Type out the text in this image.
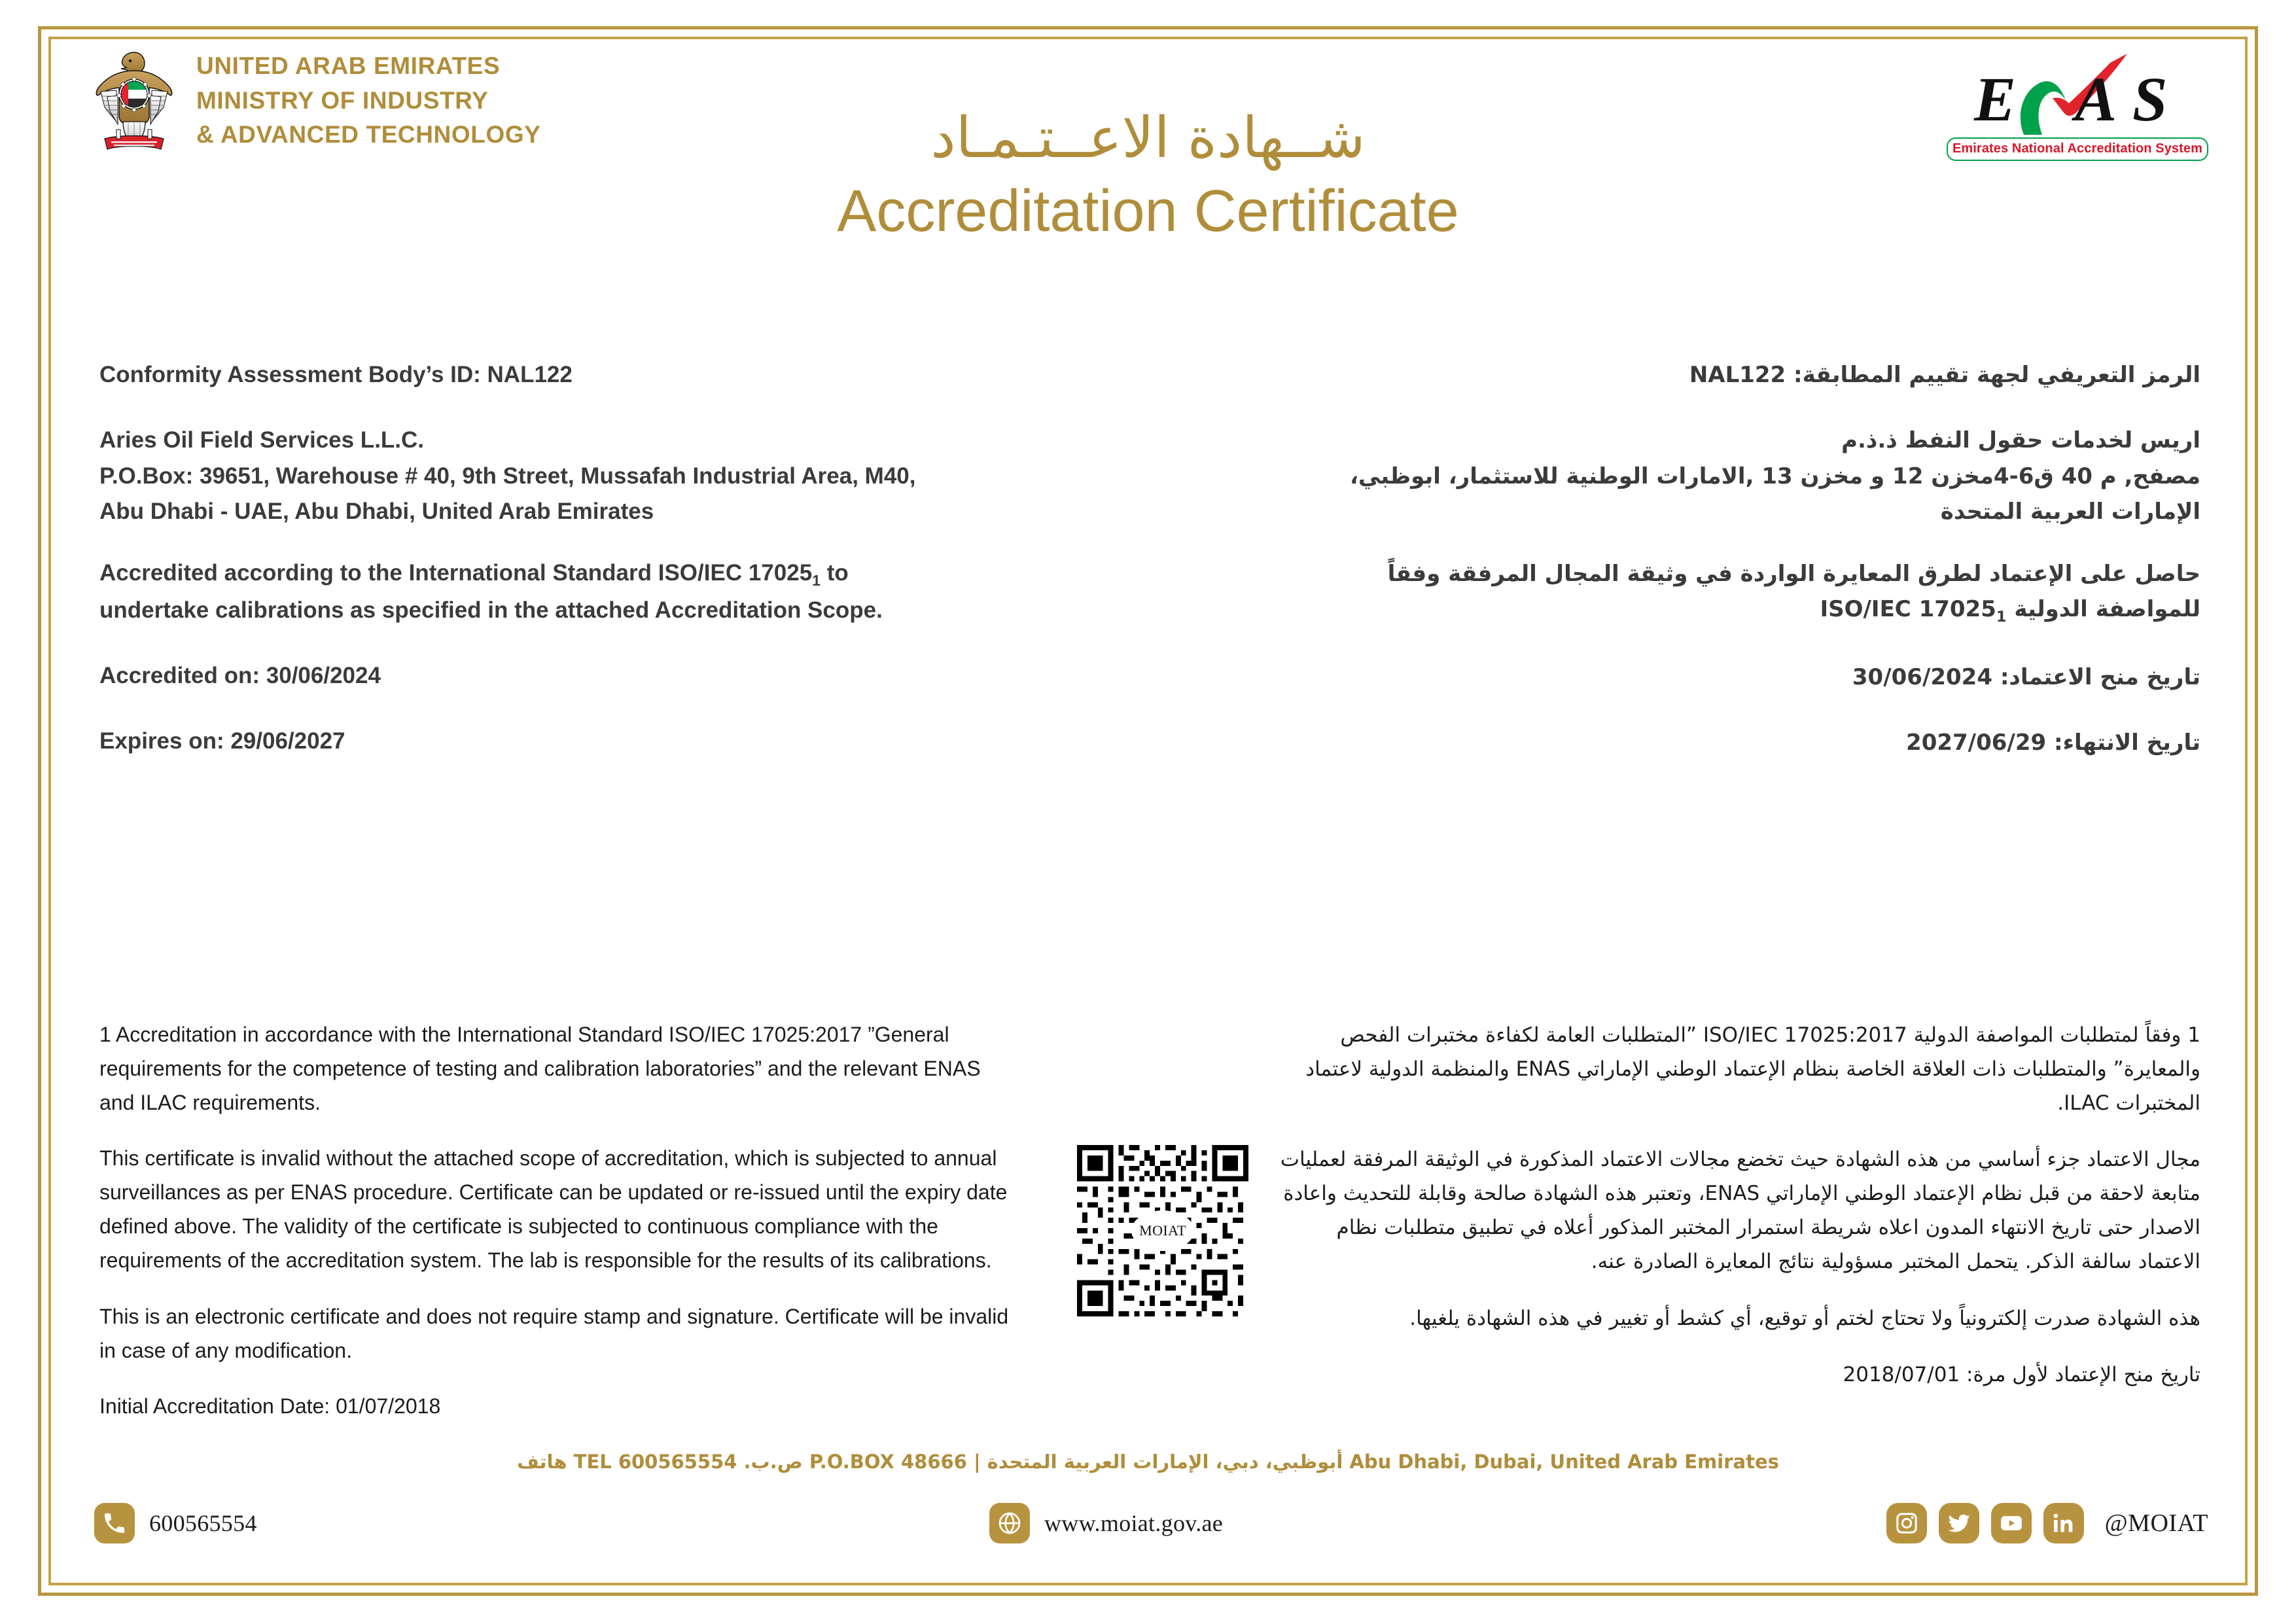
UNITED ARAB EMIRATES
MINISTRY OF INDUSTRY
& ADVANCED TECHNOLOGY
E A S
Emirates National Accreditation System
شــهادة الاعــتـمـاد
Accreditation Certificate
Conformity Assessment Body’s ID: NAL122
Aries Oil Field Services L.L.C.
P.O.Box: 39651, Warehouse # 40, 9th Street, Mussafah Industrial Area, M40, Abu Dhabi - UAE, Abu Dhabi, United Arab Emirates
Accredited according to the International Standard ISO/IEC $17025_1$ to undertake calibrations as specified in the attached Accreditation Scope.
Accredited on: 30/06/2024
Expires on: 29/06/2027
الرمز التعريفي لجهة تقييم المطابقة: NAL122
اريس لخدمات حقول النفط ذ.ذ.م
مصفح, م 40 ق6-4مخزن 12 و مخزن 13 ,الامارات الوطنية للاستثمار، ابوظبي، الإمارات العربية المتحدة
حاصل على الإعتماد لطرق المعايرة الواردة في وثيقة المجال المرفقة وفقاً للمواصفة الدولية ISO/IEC $17025_1$
تاريخ منح الاعتماد: 30/06/2024
تاريخ الانتهاء: 2027/06/29
1 Accreditation in accordance with the International Standard ISO/IEC 17025:2017 ”General requirements for the competence of testing and calibration laboratories” and the relevant ENAS and ILAC requirements.
This certificate is invalid without the attached scope of accreditation, which is subjected to annual surveillances as per ENAS procedure. Certificate can be updated or re-issued until the expiry date defined above. The validity of the certificate is subjected to continuous compliance with the requirements of the accreditation system. The lab is responsible for the results of its calibrations.
This is an electronic certificate and does not require stamp and signature. Certificate will be invalid in case of any modification.
Initial Accreditation Date: 01/07/2018
1 وفقاً لمتطلبات المواصفة الدولية ISO/IEC 17025:2017 ”المتطلبات العامة لكفاءة مختبرات الفحص والمعايرة” والمتطلبات ذات العلاقة الخاصة بنظام الإعتماد الوطني الإماراتي ENAS والمنظمة الدولية لاعتماد المختبرات ILAC.
مجال الاعتماد جزء أساسي من هذه الشهادة حيث تخضع مجالات الاعتماد المذكورة في الوثيقة المرفقة لعمليات متابعة لاحقة من قبل نظام الإعتماد الوطني الإماراتي ENAS، وتعتبر هذه الشهادة صالحة وقابلة للتحديث واعادة الاصدار حتى تاريخ الانتهاء المدون اعلاه شريطة استمرار المختبر المذكور أعلاه في تطبيق متطلبات نظام الاعتماد سالفة الذكر. يتحمل المختبر مسؤولية نتائج المعايرة الصادرة عنه.
هذه الشهادة صدرت إلكترونياً ولا تحتاج لختم أو توقيع، أي كشط أو تغيير في هذه الشهادة يلغيها.
تاريخ منح الإعتماد لأول مرة: 2018/07/01
MOIAT
Abu Dhabi, Dubai, United Arab Emirates أبوظبي، دبي، الإمارات العربية المتحدة | P.O.BOX 48666 ص.ب. TEL 600565554 هاتف
600565554	www.moiat.gov.ae	@MOIAT
